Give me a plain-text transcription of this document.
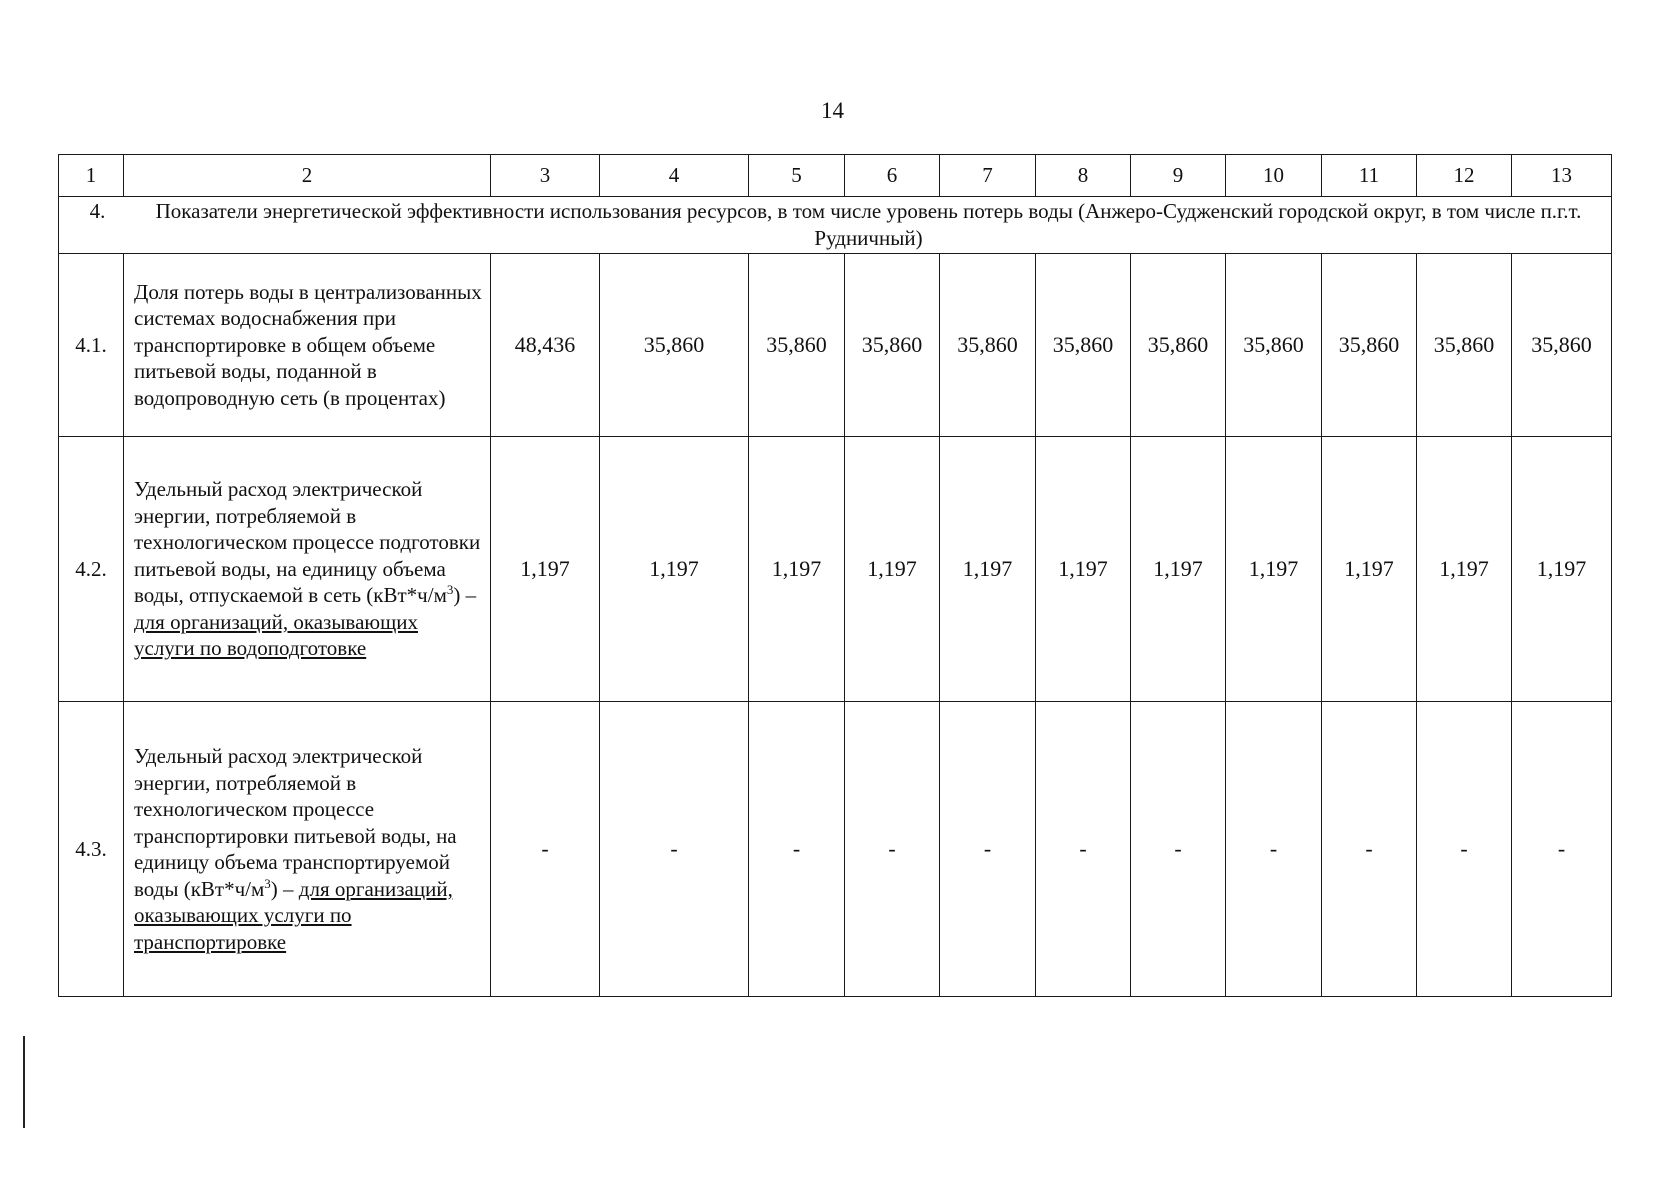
14
1	2	3	4	5	6	7	8	9	10	11	12	13

4. Показатели энергетической эффективности использования ресурсов, в том числе уровень потерь воды (Анжеро-Судженский городской округ, в том числе п.г.т. Рудничный)												

4.1.	Доля потерь воды в централизованных системах водоснабжения при транспортировке в общем объеме питьевой воды, поданной в водопроводную сеть (в процентах)	48,436	35,860	35,860	35,860	35,860	35,860	35,860	35,860	35,860	35,860	35,860
4.2.	Удельный расход электрической энергии, потребляемой в технологическом процессе подготовки питьевой воды, на единицу объема воды, отпускаемой в сеть $(кВт*ч/м^3)$ – для организаций, оказывающих услуги по водоподготовке	1,197	1,197	1,197	1,197	1,197	1,197	1,197	1,197	1,197	1,197	1,197
4.3.	Удельный расход электрической энергии, потребляемой в технологическом процессе транспортировки питьевой воды, на единицу объема транспортируемой воды $(кВт*ч/м^3)$ – для организаций, оказывающих услуги по транспортировке	-	-	-	-	-	-	-	-	-	-	-
